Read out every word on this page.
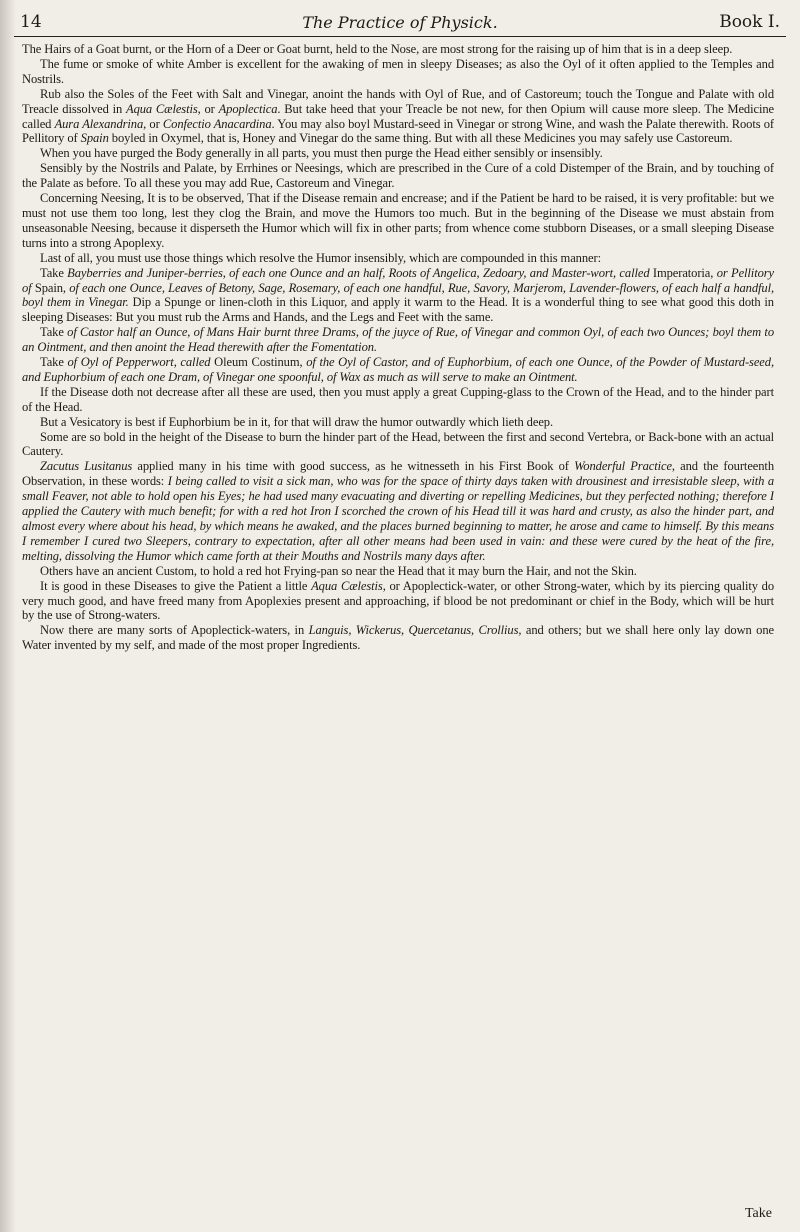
14	The Practice of Physick.	Book I.

The Hairs of a Goat burnt, or the Horn of a Deer or Goat burnt, held to the Nose, are most strong for the raising up of him that is in a deep sleep.

The fume or smoke of white Amber is excellent for the awaking of men in sleepy Diseases; as also the Oyl of it often applied to the Temples and Nostrils.

Rub also the Soles of the Feet with Salt and Vinegar, anoint the hands with Oyl of Rue, and of Castoreum; touch the Tongue and Palate with old Treacle dissolved in Aqua Cælestis, or Apoplectica. But take heed that your Treacle be not new, for then Opium will cause more sleep. The Medicine called Aura Alexandrina, or Confectio Anacardina. You may also boyl Mustard-seed in Vinegar or strong Wine, and wash the Palate therewith. Roots of Pellitory of Spain boyled in Oxymel, that is, Honey and Vinegar do the same thing. But with all these Medicines you may safely use Castoreum.

When you have purged the Body generally in all parts, you must then purge the Head either sensibly or insensibly.

Sensibly by the Nostrils and Palate, by Errhines or Neesings, which are prescribed in the Cure of a cold Distemper of the Brain, and by touching of the Palate as before. To all these you may add Rue, Castoreum and Vinegar.

Concerning Neesing, It is to be observed, That if the Disease remain and encrease; and if the Patient be hard to be raised, it is very profitable: but we must not use them too long, lest they clog the Brain, and move the Humors too much. But in the beginning of the Disease we must abstain from unseasonable Neesing, because it disperseth the Humor which will fix in other parts; from whence come stubborn Diseases, or a small sleeping Disease turns into a strong Apoplexy.

Last of all, you must use those things which resolve the Humor insensibly, which are compounded in this manner:

Take Bayberries and Juniper-berries, of each one Ounce and an half, Roots of Angelica, Zedoary, and Master-wort, called Imperatoria, or Pellitory of Spain, of each one Ounce, Leaves of Betony, Sage, Rosemary, of each one handful, Rue, Savory, Marjerom, Lavender-flowers, of each half a handful, boyl them in Vinegar. Dip a Spunge or linen-cloth in this Liquor, and apply it warm to the Head. It is a wonderful thing to see what good this doth in sleeping Diseases: But you must rub the Arms and Hands, and the Legs and Feet with the same.

Take of Castor half an Ounce, of Mans Hair burnt three Drams, of the juyce of Rue, of Vinegar and common Oyl, of each two Ounces; boyl them to an Ointment, and then anoint the Head therewith after the Fomentation.

Take of Oyl of Pepperwort, called Oleum Costinum, of the Oyl of Castor, and of Euphorbium, of each one Ounce, of the Powder of Mustard-seed, and Euphorbium of each one Dram, of Vinegar one spoonful, of Wax as much as will serve to make an Ointment.

If the Disease doth not decrease after all these are used, then you must apply a great Cupping-glass to the Crown of the Head, and to the hinder part of the Head.

But a Vesicatory is best if Euphorbium be in it, for that will draw the humor outwardly which lieth deep.

Some are so bold in the height of the Disease to burn the hinder part of the Head, between the first and second Vertebra, or Back-bone with an actual Cautery.

Zacutus Lusitanus applied many in his time with good success, as he witnesseth in his First Book of Wonderful Practice, and the fourteenth Observation, in these words: I being called to visit a sick man, who was for the space of thirty days taken with drousinest and irresistable sleep, with a small Feaver, not able to hold open his Eyes; he had used many evacuating and diverting or repelling Medicines, but they perfected nothing; therefore I applied the Cautery with much benefit; for with a red hot Iron I scorched the crown of his Head till it was hard and crusty, as also the hinder part, and almost every where about his head, by which means he awaked, and the places burned beginning to matter, he arose and came to himself. By this means I remember I cured two Sleepers, contrary to expectation, after all other means had been used in vain: and these were cured by the heat of the fire, melting, dissolving the Humor which came forth at their Mouths and Nostrils many days after.

Others have an ancient Custom, to hold a red hot Frying-pan so near the Head that it may burn the Hair, and not the Skin.

It is good in these Diseases to give the Patient a little Aqua Cælestis, or Apoplectick-water, or other Strong-water, which by its piercing quality do very much good, and have freed many from Apoplexies present and approaching, if blood be not predominant or chief in the Body, which will be hurt by the use of Strong-waters.

Now there are many sorts of Apoplectick-waters, in Languis, Wickerus, Quercetanus, Crollius, and others; but we shall here only lay down one Water invented by my self, and made of the most proper Ingredients.

Take
